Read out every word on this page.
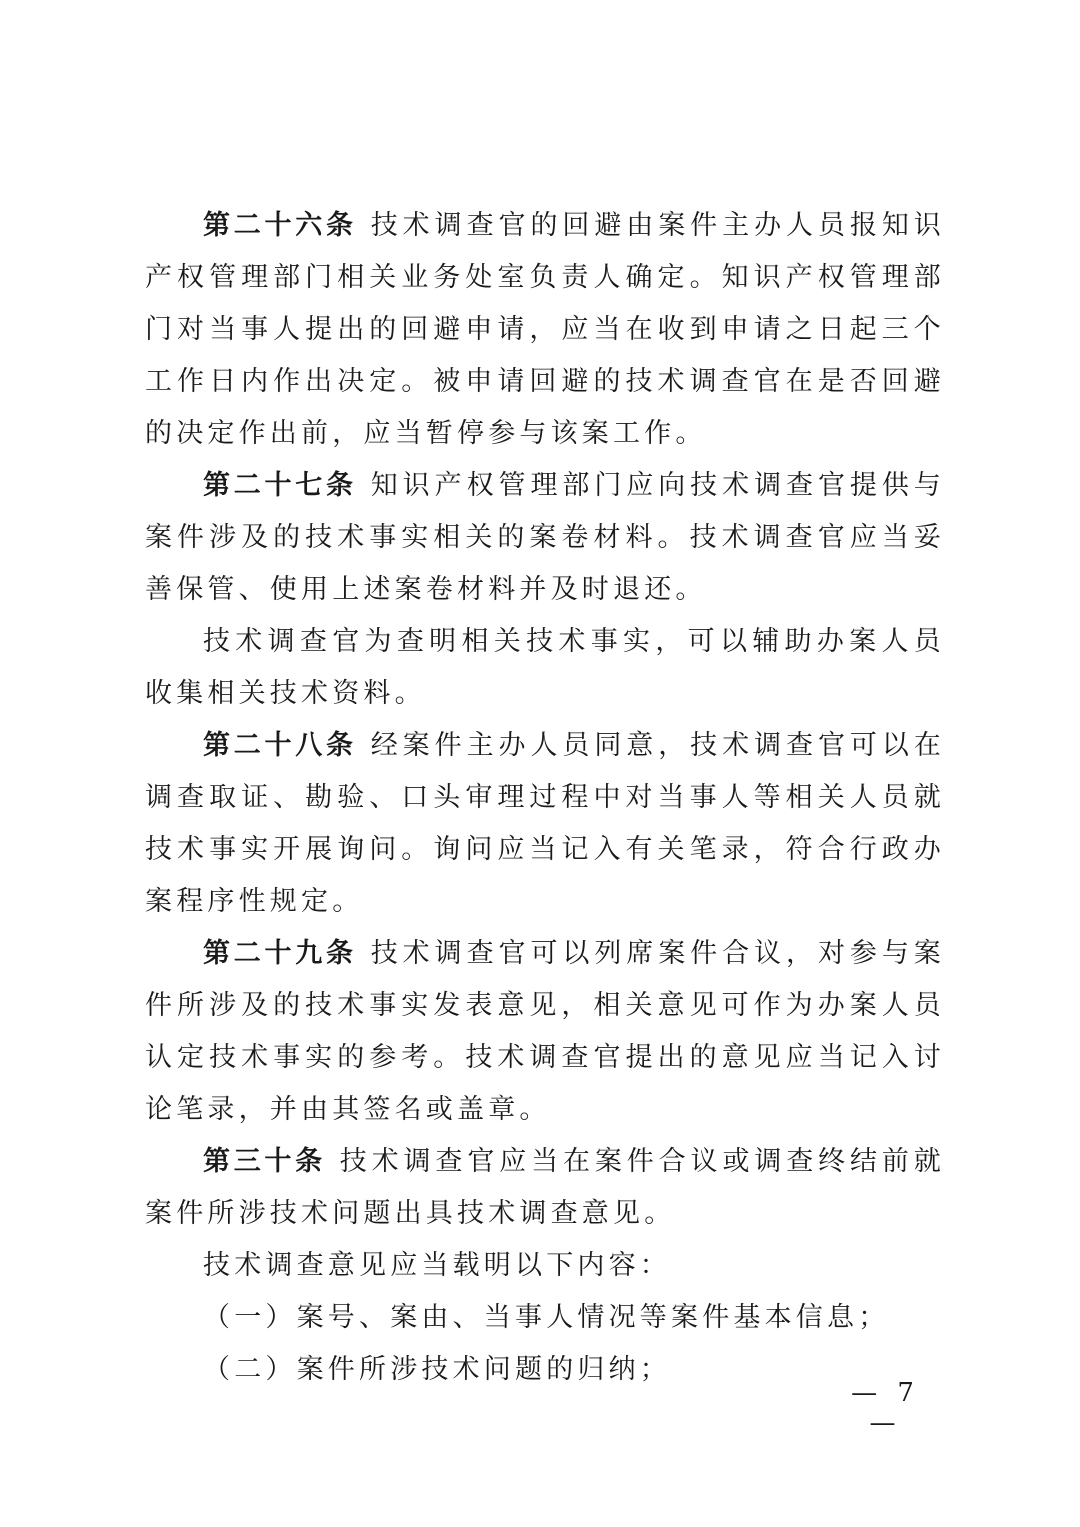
第二十六条 技术调查官的回避由案件主办人员报知识产权管理部门相关业务处室负责人确定。知识产权管理部门对当事人提出的回避申请，应当在收到申请之日起三个工作日内作出决定。被申请回避的技术调查官在是否回避的决定作出前，应当暂停参与该案工作。

第二十七条 知识产权管理部门应向技术调查官提供与案件涉及的技术事实相关的案卷材料。技术调查官应当妥善保管、使用上述案卷材料并及时退还。

技术调查官为查明相关技术事实，可以辅助办案人员收集相关技术资料。

第二十八条 经案件主办人员同意，技术调查官可以在调查取证、勘验、口头审理过程中对当事人等相关人员就技术事实开展询问。询问应当记入有关笔录，符合行政办案程序性规定。

第二十九条 技术调查官可以列席案件合议，对参与案件所涉及的技术事实发表意见，相关意见可作为办案人员认定技术事实的参考。技术调查官提出的意见应当记入讨论笔录，并由其签名或盖章。

第三十条 技术调查官应当在案件合议或调查终结前就案件所涉技术问题出具技术调查意见。

技术调查意见应当载明以下内容：

（一）案号、案由、当事人情况等案件基本信息；

（二）案件所涉技术问题的归纳；

— 7 —
